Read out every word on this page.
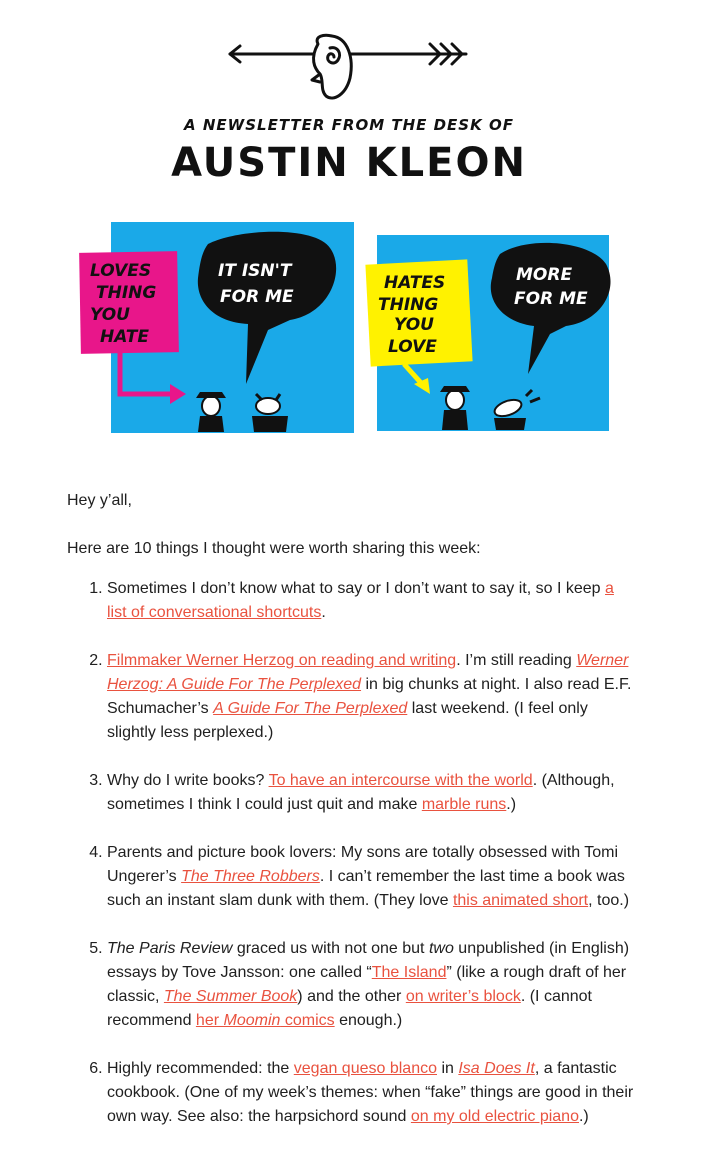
A NEWSLETTER FROM THE DESK OF
AUSTIN KLEON
LOVES
THING
YOU
HATE
IT ISN'T
FOR ME
HATES
THING
YOU
LOVE
MORE
FOR ME

Hey y’all,

Here are 10 things I thought were worth sharing this week:

1. Sometimes I don’t know what to say or I don’t want to say it, so I keep a list of conversational shortcuts.
2. Filmmaker Werner Herzog on reading and writing. I’m still reading Werner Herzog: A Guide For The Perplexed in big chunks at night. I also read E.F. Schumacher’s A Guide For The Perplexed last weekend. (I feel only slightly less perplexed.)
3. Why do I write books? To have an intercourse with the world. (Although, sometimes I think I could just quit and make marble runs.)
4. Parents and picture book lovers: My sons are totally obsessed with Tomi Ungerer’s The Three Robbers. I can’t remember the last time a book was such an instant slam dunk with them. (They love this animated short, too.)
5. The Paris Review graced us with not one but two unpublished (in English) essays by Tove Jansson: one called “The Island” (like a rough draft of her classic, The Summer Book) and the other on writer’s block. (I cannot recommend her Moomin comics enough.)
6. Highly recommended: the vegan queso blanco in Isa Does It, a fantastic cookbook. (One of my week’s themes: when “fake” things are good in their own way. See also: the harpsichord sound on my old electric piano.)
